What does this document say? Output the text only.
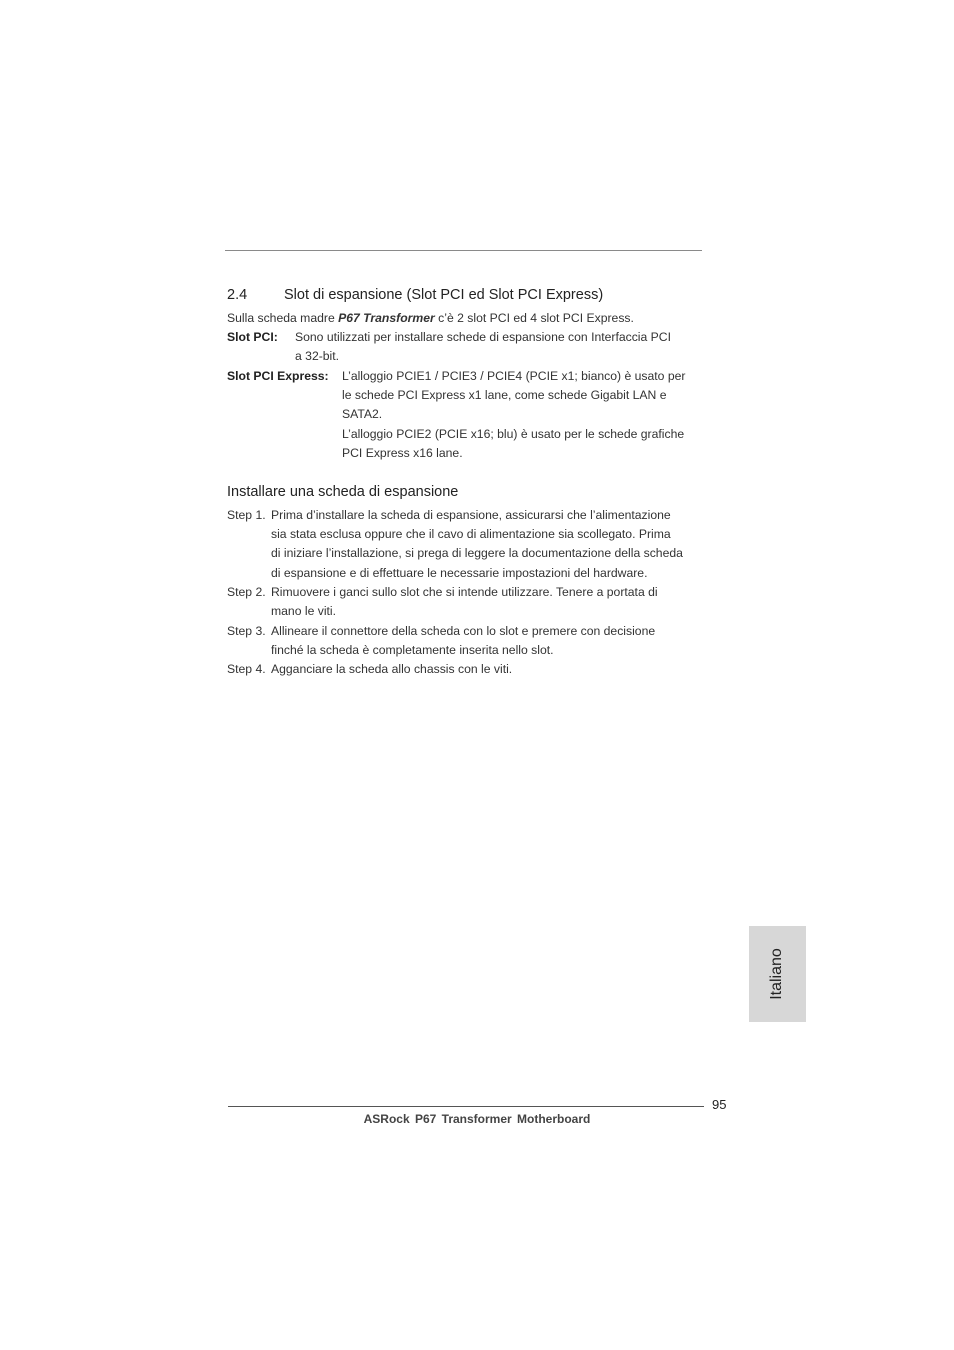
2.4	Slot di espansione (Slot PCI ed Slot PCI Express)
Sulla scheda madre P67 Transformer c’è 2 slot PCI ed 4 slot PCI Express.
Slot PCI: Sono utilizzati per installare schede di espansione con Interfaccia PCI
a 32-bit.
Slot PCI Express: L’alloggio PCIE1 / PCIE3 / PCIE4 (PCIE x1; bianco) è usato per
le schede PCI Express x1 lane, come schede Gigabit LAN e
SATA2.
L’alloggio PCIE2 (PCIE x16; blu) è usato per le schede grafiche
PCI Express x16 lane.
Installare una scheda di espansione
Step 1. Prima d’installare la scheda di espansione, assicurarsi che l’alimentazione
sia stata esclusa oppure che il cavo di alimentazione sia scollegato. Prima
di iniziare l’installazione, si prega di leggere la documentazione della scheda
di espansione e di effettuare le necessarie impostazioni del hardware.
Step 2. Rimuovere i ganci sullo slot che si intende utilizzare. Tenere a portata di
mano le viti.
Step 3. Allineare il connettore della scheda con lo slot e premere con decisione
finché la scheda è completamente inserita nello slot.
Step 4. Agganciare la scheda allo chassis con le viti.
Italiano
95
ASRock P67 Transformer Motherboard
